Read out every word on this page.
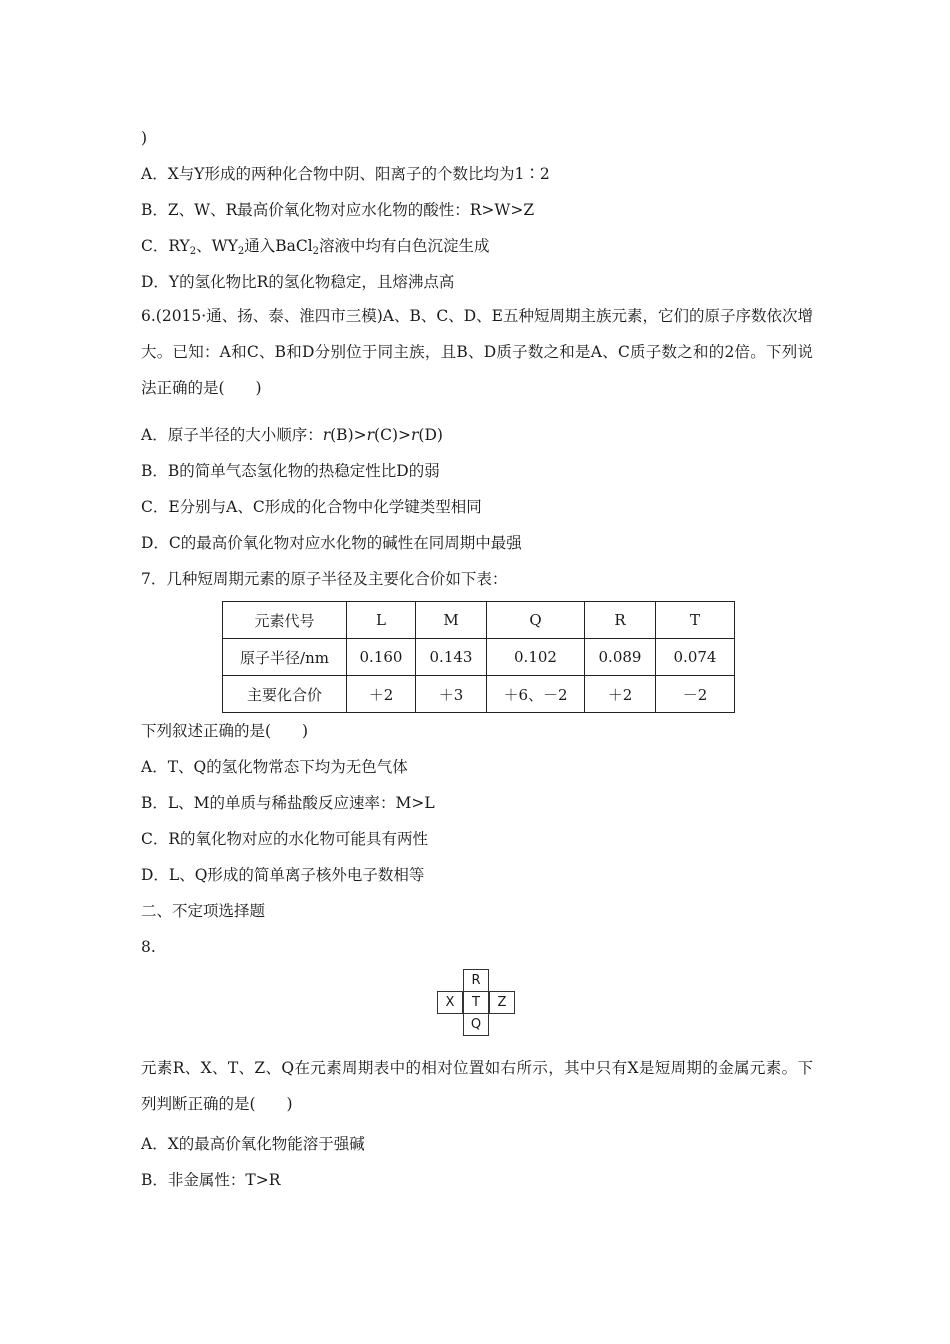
)
A．X与Y形成的两种化合物中阴、阳离子的个数比均为1∶2
B．Z、W、R最高价氧化物对应水化物的酸性：R>W>Z
C．$RY_2$、$WY_2$通入BaCl$_2$溶液中均有白色沉淀生成
D．Y的氢化物比R的氢化物稳定，且熔沸点高
6.(2015·通、扬、泰、淮四市三模)A、B、C、D、E五种短周期主族元素，它们的原子序数依次增大。已知：A和C、B和D分别位于同主族，且B、D质子数之和是A、C质子数之和的2倍。下列说法正确的是(　　)
A．原子半径的大小顺序：r(B)>r(C)>r(D)
B．B的简单气态氢化物的热稳定性比D的弱
C．E分别与A、C形成的化合物中化学键类型相同
D．C的最高价氧化物对应水化物的碱性在同周期中最强
7．几种短周期元素的原子半径及主要化合价如下表：
元素代号	L	M	Q	R	T
原子半径/nm	0.160	0.143	0.102	0.089	0.074
主要化合价	＋2	＋3	＋6、－2	＋2	－2
下列叙述正确的是(　　)
A．T、Q的氢化物常态下均为无色气体
B．L、M的单质与稀盐酸反应速率：M>L
C．R的氧化物对应的水化物可能具有两性
D．L、Q形成的简单离子核外电子数相等
二、不定项选择题
8.
R
X	T	Z
Q
元素R、X、T、Z、Q在元素周期表中的相对位置如右所示，其中只有X是短周期的金属元素。下列判断正确的是(　　)
A．X的最高价氧化物能溶于强碱
B．非金属性：T>R
